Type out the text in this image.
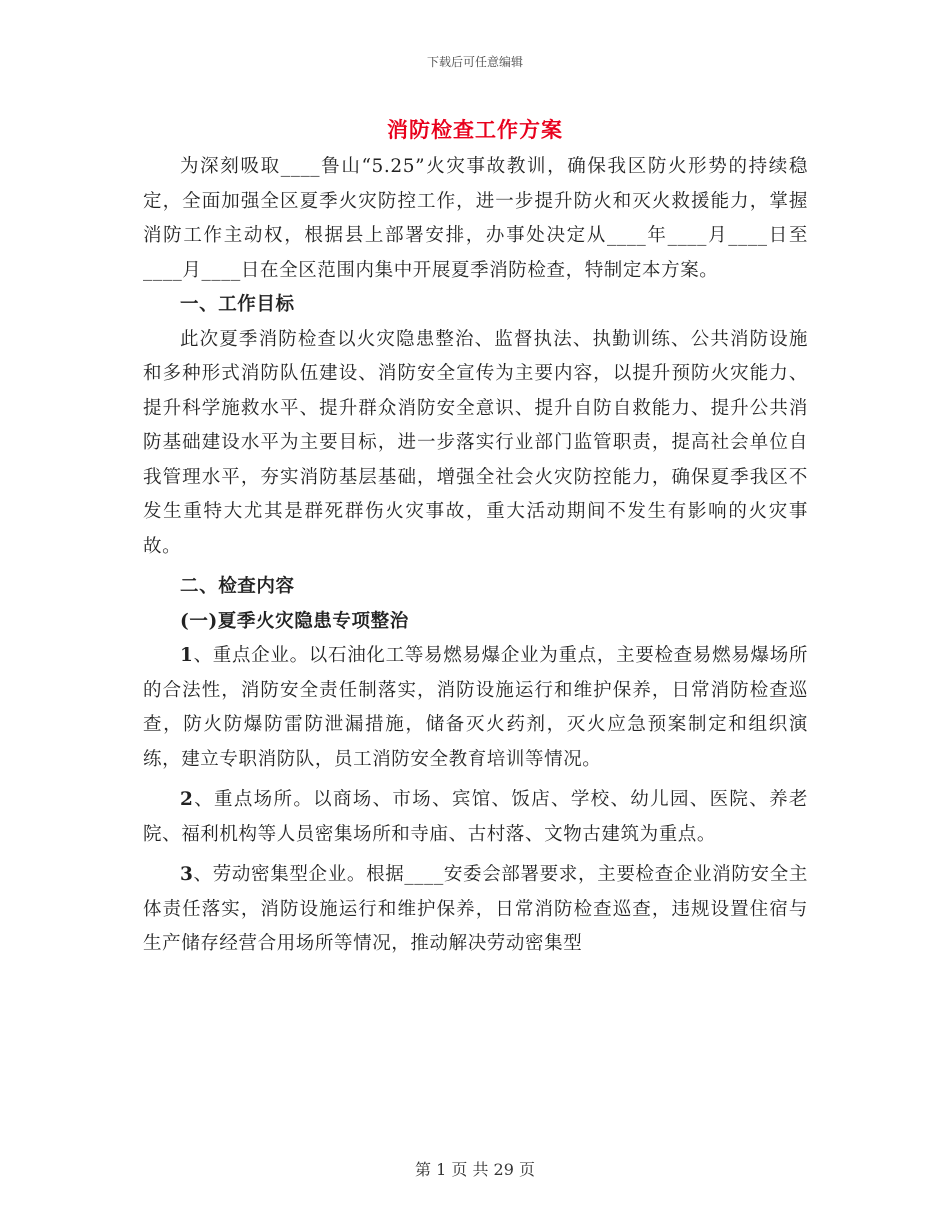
下载后可任意编辑
消防检查工作方案

为深刻吸取____鲁山“5.25”火灾事故教训，确保我区防火形势的持续稳定，全面加强全区夏季火灾防控工作，进一步提升防火和灭火救援能力，掌握消防工作主动权，根据县上部署安排，办事处决定从____年____月____日至____月____日在全区范围内集中开展夏季消防检查，特制定本方案。

一、工作目标

此次夏季消防检查以火灾隐患整治、监督执法、执勤训练、公共消防设施和多种形式消防队伍建设、消防安全宣传为主要内容，以提升预防火灾能力、提升科学施救水平、提升群众消防安全意识、提升自防自救能力、提升公共消防基础建设水平为主要目标，进一步落实行业部门监管职责，提高社会单位自我管理水平，夯实消防基层基础，增强全社会火灾防控能力，确保夏季我区不发生重特大尤其是群死群伤火灾事故，重大活动期间不发生有影响的火灾事故。

二、检查内容
(一)夏季火灾隐患专项整治

1、重点企业。以石油化工等易燃易爆企业为重点，主要检查易燃易爆场所的合法性，消防安全责任制落实，消防设施运行和维护保养，日常消防检查巡查，防火防爆防雷防泄漏措施，储备灭火药剂，灭火应急预案制定和组织演练，建立专职消防队，员工消防安全教育培训等情况。

2、重点场所。以商场、市场、宾馆、饭店、学校、幼儿园、医院、养老院、福利机构等人员密集场所和寺庙、古村落、文物古建筑为重点。

3、劳动密集型企业。根据____安委会部署要求，主要检查企业消防安全主体责任落实，消防设施运行和维护保养，日常消防检查巡查，违规设置住宿与生产储存经营合用场所等情况，推动解决劳动密集型

第 1 页 共 29 页
